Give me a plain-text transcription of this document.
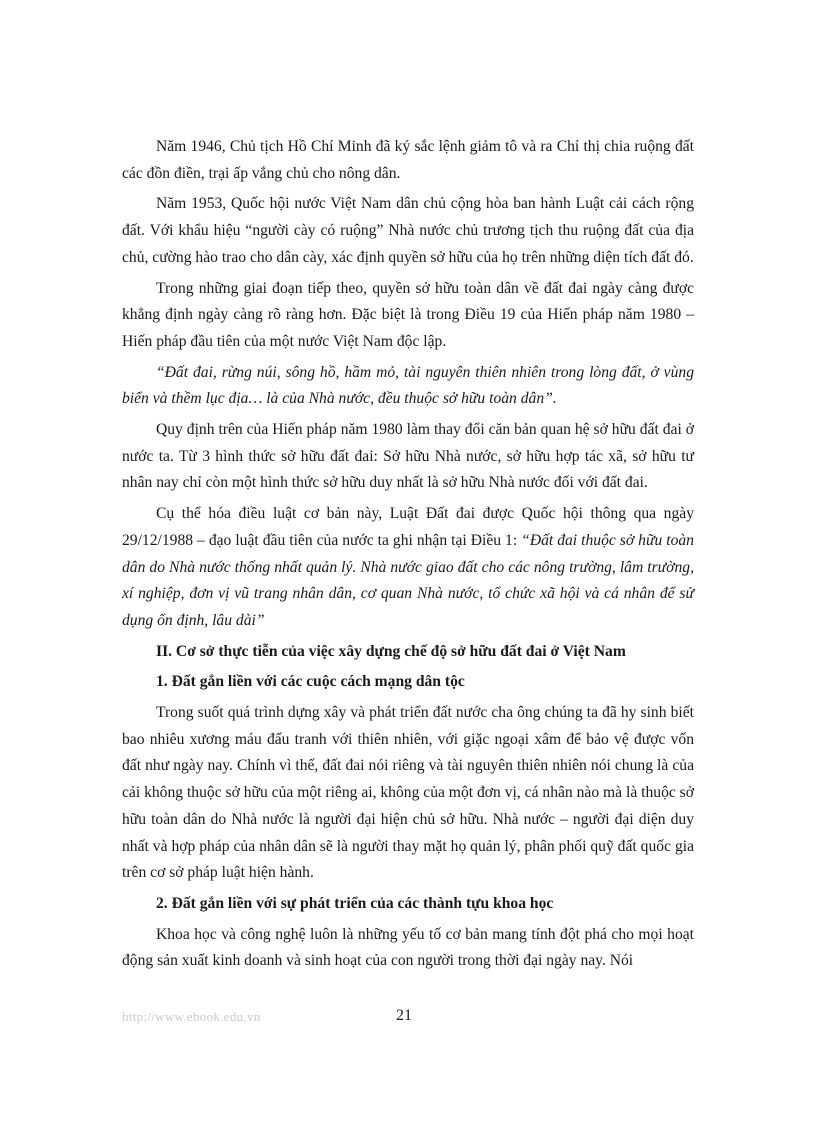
Năm 1946, Chủ tịch Hồ Chí Minh đã ký sắc lệnh giảm tô và ra Chỉ thị chia ruộng đất các đồn điền, trại ấp vắng chủ cho nông dân.

Năm 1953, Quốc hội nước Việt Nam dân chủ cộng hòa ban hành Luật cải cách rộng đất. Với khẩu hiệu “người cày có ruộng” Nhà nước chủ trương tịch thu ruộng đất của địa chủ, cường hào trao cho dân cày, xác định quyền sở hữu của họ trên những diện tích đất đó.

Trong những giai đoạn tiếp theo, quyền sở hữu toàn dân về đất đai ngày càng được khẳng định ngày càng rõ ràng hơn. Đặc biệt là trong Điều 19 của Hiến pháp năm 1980 – Hiến pháp đầu tiên của một nước Việt Nam độc lập.

“Đất đai, rừng núi, sông hồ, hầm mỏ, tài nguyên thiên nhiên trong lòng đất, ở vùng biển và thềm lục địa… là của Nhà nước, đều thuộc sở hữu toàn dân”.

Quy định trên của Hiến pháp năm 1980 làm thay đổi căn bản quan hệ sở hữu đất đai ở nước ta. Từ 3 hình thức sở hữu đất đai: Sở hữu Nhà nước, sở hữu hợp tác xã, sở hữu tư nhân nay chỉ còn một hình thức sở hữu duy nhất là sở hữu Nhà nước đối với đất đai.

Cụ thể hóa điều luật cơ bản này, Luật Đất đai được Quốc hội thông qua ngày 29/12/1988 – đạo luật đầu tiên của nước ta ghi nhận tại Điều 1: “Đất đai thuộc sở hữu toàn dân do Nhà nước thống nhất quản lý. Nhà nước giao đất cho các nông trường, lâm trường, xí nghiệp, đơn vị vũ trang nhân dân, cơ quan Nhà nước, tổ chức xã hội và cá nhân để sử dụng ổn định, lâu dài”

II. Cơ sở thực tiễn của việc xây dựng chế độ sở hữu đất đai ở Việt Nam

1. Đất gắn liền với các cuộc cách mạng dân tộc

Trong suốt quá trình dựng xây và phát triển đất nước cha ông chúng ta đã hy sinh biết bao nhiêu xương máu đấu tranh với thiên nhiên, với giặc ngoại xâm để bảo vệ được vốn đất như ngày nay. Chính vì thế, đất đai nói riêng và tài nguyên thiên nhiên nói chung là của cải không thuộc sở hữu của một riêng ai, không của một đơn vị, cá nhân nào mà là thuộc sở hữu toàn dân do Nhà nước là người đại hiện chủ sở hữu. Nhà nước – người đại diện duy nhất và hợp pháp của nhân dân sẽ là người thay mặt họ quản lý, phân phối quỹ đất quốc gia trên cơ sở pháp luật hiện hành.

2. Đất gắn liền với sự phát triển của các thành tựu khoa học

Khoa học và công nghệ luôn là những yếu tố cơ bản mang tính đột phá cho mọi hoạt động sản xuất kinh doanh và sinh hoạt của con người trong thời đại ngày nay. Nói

http://www.ebook.edu.vn	21
